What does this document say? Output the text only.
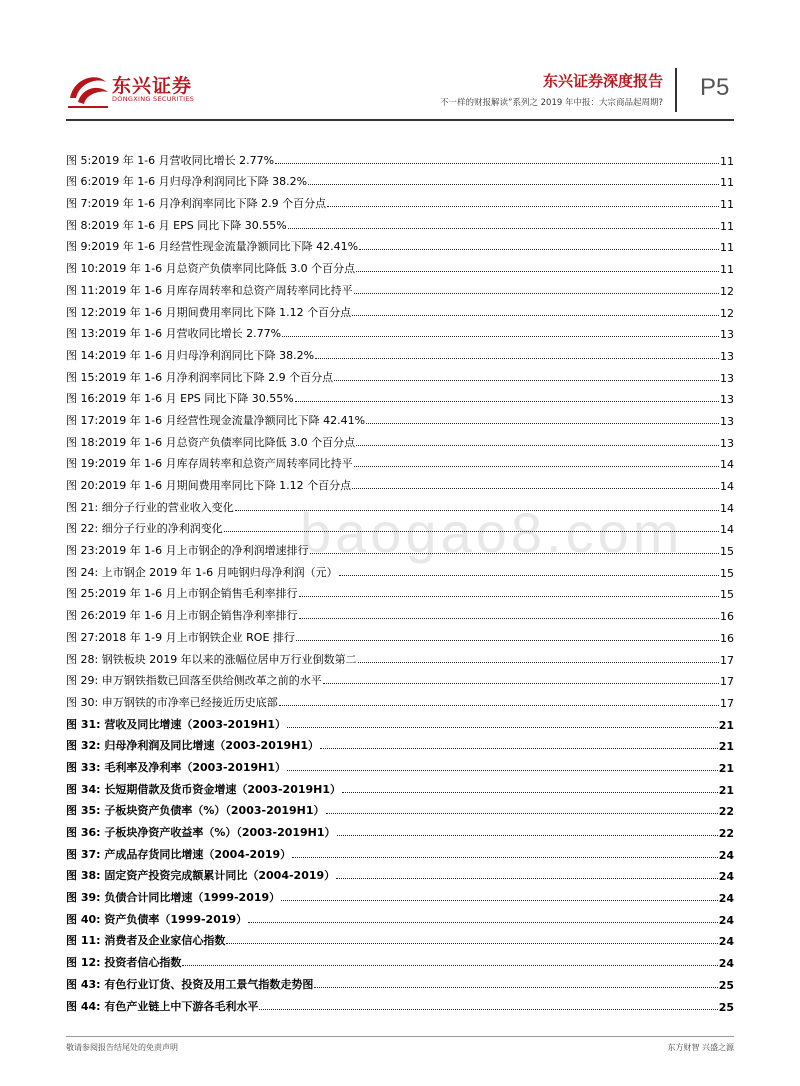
东兴证券
DONGXING SECURITIES
东兴证券深度报告
不一样的财报解读”系列之 2019 年中报：大宗商品起周期?
P5
baogao8.com
图 5:2019 年 1-6 月营收同比增长 2.77%	11
图 6:2019 年 1-6 月归母净利润同比下降 38.2%	11
图 7:2019 年 1-6 月净利润率同比下降 2.9 个百分点	11
图 8:2019 年 1-6 月 EPS 同比下降 30.55%	11
图 9:2019 年 1-6 月经营性现金流量净额同比下降 42.41%	11
图 10:2019 年 1-6 月总资产负债率同比降低 3.0 个百分点	11
图 11:2019 年 1-6 月库存周转率和总资产周转率同比持平	12
图 12:2019 年 1-6 月期间费用率同比下降 1.12 个百分点	12
图 13:2019 年 1-6 月营收同比增长 2.77%	13
图 14:2019 年 1-6 月归母净利润同比下降 38.2%	13
图 15:2019 年 1-6 月净利润率同比下降 2.9 个百分点	13
图 16:2019 年 1-6 月 EPS 同比下降 30.55%	13
图 17:2019 年 1-6 月经营性现金流量净额同比下降 42.41%	13
图 18:2019 年 1-6 月总资产负债率同比降低 3.0 个百分点	13
图 19:2019 年 1-6 月库存周转率和总资产周转率同比持平	14
图 20:2019 年 1-6 月期间费用率同比下降 1.12 个百分点	14
图 21: 细分子行业的营业收入变化	14
图 22: 细分子行业的净利润变化	14
图 23:2019 年 1-6 月上市钢企的净利润增速排行	15
图 24: 上市钢企 2019 年 1-6 月吨钢归母净利润（元）	15
图 25:2019 年 1-6 月上市钢企销售毛利率排行	15
图 26:2019 年 1-6 月上市钢企销售净利率排行	16
图 27:2018 年 1-9 月上市钢铁企业 ROE 排行	16
图 28: 钢铁板块 2019 年以来的涨幅位居申万行业倒数第二	17
图 29: 申万钢铁指数已回落至供给侧改革之前的水平	17
图 30: 申万钢铁的市净率已经接近历史底部	17
图 31: 营收及同比增速（2003-2019H1）	21
图 32: 归母净利润及同比增速（2003-2019H1）	21
图 33: 毛利率及净利率（2003-2019H1）	21
图 34: 长短期借款及货币资金增速（2003-2019H1）	21
图 35: 子板块资产负债率（%）（2003-2019H1）	22
图 36: 子板块净资产收益率（%）（2003-2019H1）	22
图 37: 产成品存货同比增速（2004-2019）	24
图 38: 固定资产投资完成额累计同比（2004-2019）	24
图 39: 负债合计同比增速（1999-2019）	24
图 40: 资产负债率（1999-2019）	24
图 11: 消费者及企业家信心指数	24
图 12: 投资者信心指数	24
图 43: 有色行业订货、投资及用工景气指数走势图	25
图 44: 有色产业链上中下游各毛利水平	25
敬请参阅报告结尾处的免责声明	东方财智 兴盛之源
